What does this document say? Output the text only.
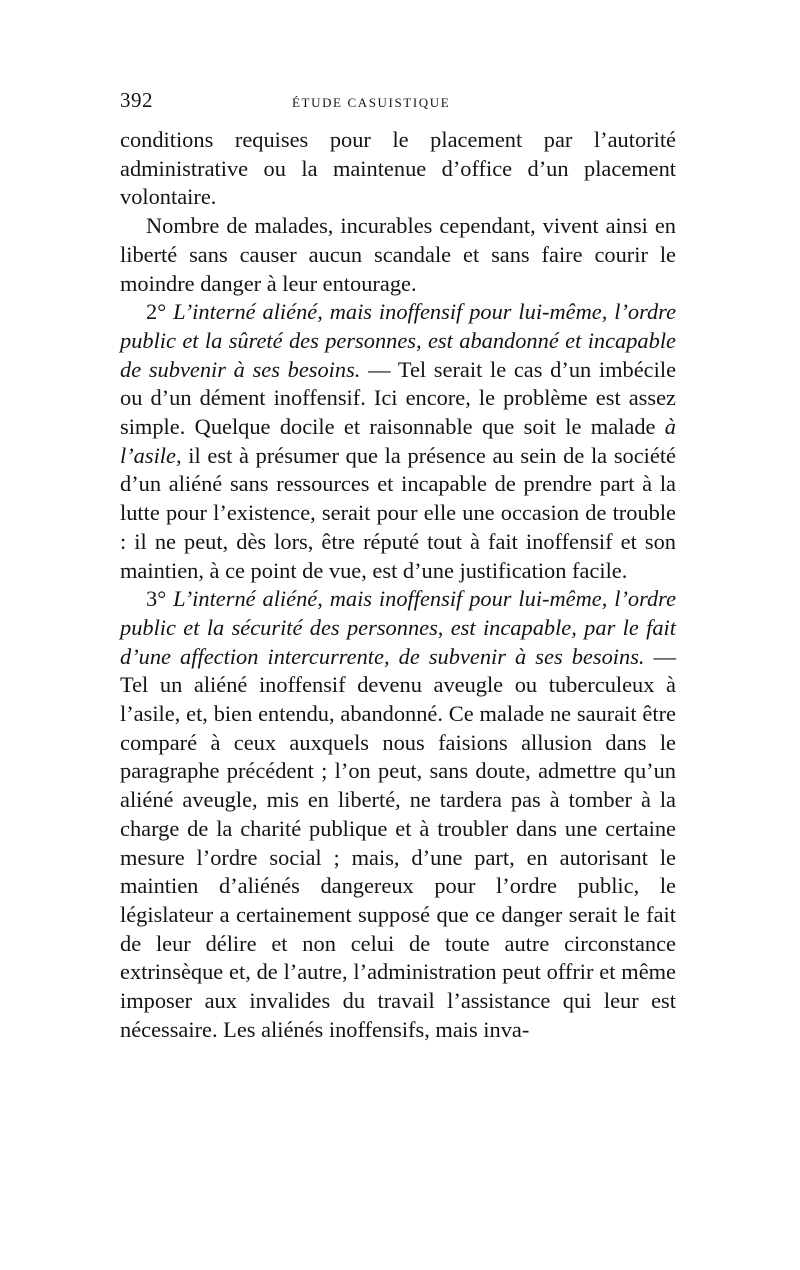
392	ÉTUDE CASUISTIQUE

conditions requises pour le placement par l’autorité administrative ou la maintenue d’office d’un placement volontaire.

Nombre de malades, incurables cependant, vivent ainsi en liberté sans causer aucun scandale et sans faire courir le moindre danger à leur entourage.

2° L’interné aliéné, mais inoffensif pour lui-même, l’ordre public et la sûreté des personnes, est abandonné et incapable de subvenir à ses besoins. — Tel serait le cas d’un imbécile ou d’un dément inoffensif. Ici encore, le problème est assez simple. Quelque docile et raisonnable que soit le malade à l’asile, il est à présumer que la présence au sein de la société d’un aliéné sans ressources et incapable de prendre part à la lutte pour l’existence, serait pour elle une occasion de trouble : il ne peut, dès lors, être réputé tout à fait inoffensif et son maintien, à ce point de vue, est d’une justification facile.

3° L’interné aliéné, mais inoffensif pour lui-même, l’ordre public et la sécurité des personnes, est incapable, par le fait d’une affection intercurrente, de subvenir à ses besoins. — Tel un aliéné inoffensif devenu aveugle ou tuberculeux à l’asile, et, bien entendu, abandonné. Ce malade ne saurait être comparé à ceux auxquels nous faisions allusion dans le paragraphe précédent ; l’on peut, sans doute, admettre qu’un aliéné aveugle, mis en liberté, ne tardera pas à tomber à la charge de la charité publique et à troubler dans une certaine mesure l’ordre social ; mais, d’une part, en autorisant le maintien d’aliénés dangereux pour l’ordre public, le législateur a certainement supposé que ce danger serait le fait de leur délire et non celui de toute autre circonstance extrinsèque et, de l’autre, l’administration peut offrir et même imposer aux invalides du travail l’assistance qui leur est nécessaire. Les aliénés inoffensifs, mais inva-
